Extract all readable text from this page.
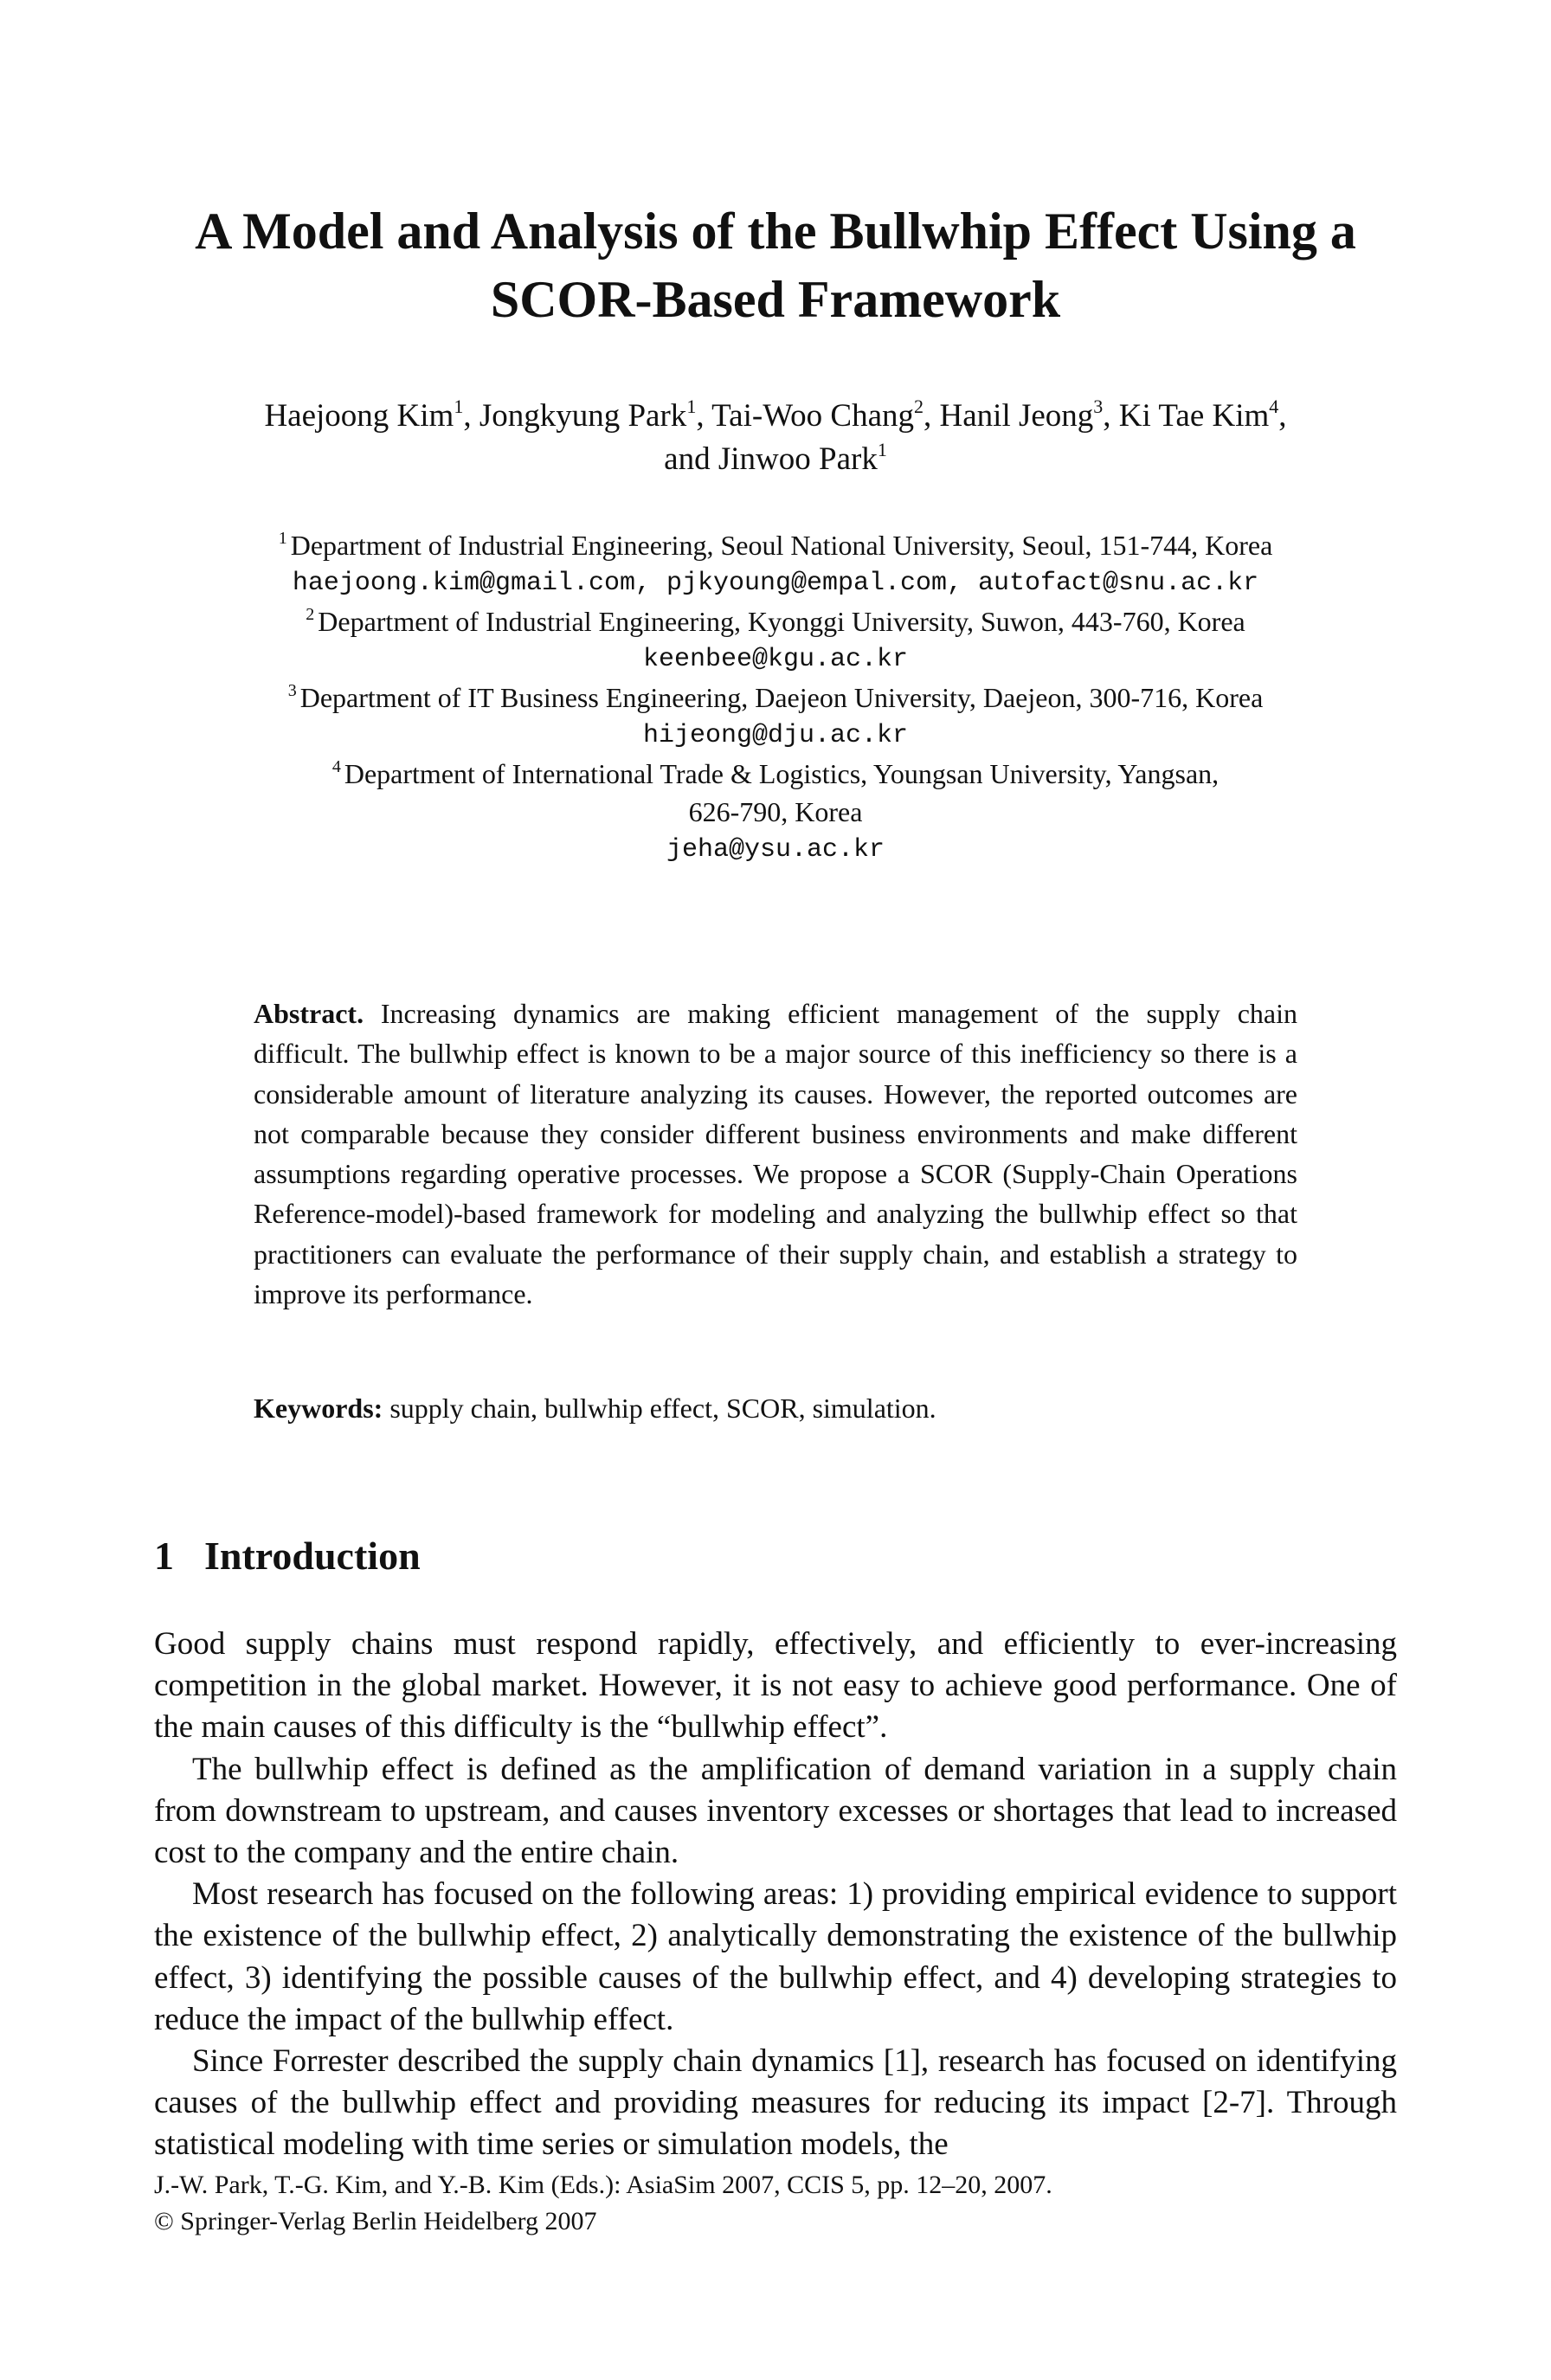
A Model and Analysis of the Bullwhip Effect Using a
SCOR-Based Framework
Haejoong Kim$^1$, Jongkyung Park$^1$, Tai-Woo Chang$^2$, Hanil Jeong$^3$, Ki Tae Kim$^4$,
and Jinwoo Park$^1$
$^1$ Department of Industrial Engineering, Seoul National University, Seoul, 151-744, Korea
haejoong.kim@gmail.com, pjkyoung@empal.com, autofact@snu.ac.kr
$^2$ Department of Industrial Engineering, Kyonggi University, Suwon, 443-760, Korea
keenbee@kgu.ac.kr
$^3$ Department of IT Business Engineering, Daejeon University, Daejeon, 300-716, Korea
hijeong@dju.ac.kr
$^4$ Department of International Trade & Logistics, Youngsan University, Yangsan,
626-790, Korea
jeha@ysu.ac.kr

Abstract. Increasing dynamics are making efficient management of the supply chain difficult. The bullwhip effect is known to be a major source of this inefficiency so there is a considerable amount of literature analyzing its causes. However, the reported outcomes are not comparable because they consider different business environments and make different assumptions regarding operative processes. We propose a SCOR (Supply-Chain Operations Reference-model)-based framework for modeling and analyzing the bullwhip effect so that practitioners can evaluate the performance of their supply chain, and establish a strategy to improve its performance.

Keywords: supply chain, bullwhip effect, SCOR, simulation.

1 Introduction

Good supply chains must respond rapidly, effectively, and efficiently to ever-increasing competition in the global market. However, it is not easy to achieve good performance. One of the main causes of this difficulty is the “bullwhip effect”.

The bullwhip effect is defined as the amplification of demand variation in a supply chain from downstream to upstream, and causes inventory excesses or shortages that lead to increased cost to the company and the entire chain.

Most research has focused on the following areas: 1) providing empirical evidence to support the existence of the bullwhip effect, 2) analytically demonstrating the existence of the bullwhip effect, 3) identifying the possible causes of the bullwhip effect, and 4) developing strategies to reduce the impact of the bullwhip effect.

Since Forrester described the supply chain dynamics [1], research has focused on identifying causes of the bullwhip effect and providing measures for reducing its impact [2-7]. Through statistical modeling with time series or simulation models, the

J.-W. Park, T.-G. Kim, and Y.-B. Kim (Eds.): AsiaSim 2007, CCIS 5, pp. 12–20, 2007.
© Springer-Verlag Berlin Heidelberg 2007
